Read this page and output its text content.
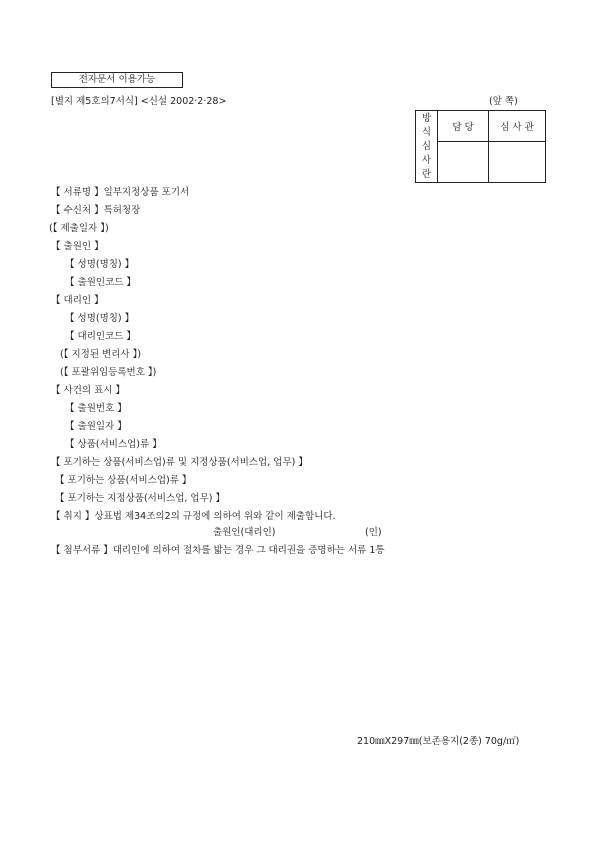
전자문서 이용가능
[별지 제5호의7서식] <신설 2002·2·28>	(앞 쪽)
방
식
심
사
란	담 당	심 사 관

【 서류명 】일부지정상품 포기서
【 수신처 】특허청장
(【 제출일자 】)
【 출원인 】
【 성명(명칭) 】
【 출원인코드 】
【 대리인 】
【 성명(명칭) 】
【 대리인코드 】
(【 지정된 변리사 】)
(【 포괄위임등록번호 】)
【 사건의 표시 】
【 출원번호 】
【 출원일자 】
【 상품(서비스업)류 】
【 포기하는 상품(서비스업)류 및 지정상품(서비스업, 업무) 】
【 포기하는 상품(서비스업)류 】
【 포기하는 지정상품(서비스업, 업무) 】
【 취지 】상표법 제34조의2의 규정에 의하여 위와 같이 제출합니다.
출원인(대리인)	(인)
【 첨부서류 】대리인에 의하여 절차를 밟는 경우 그 대리권을 증명하는 서류 1통
210㎜X297㎜(보존용지(2종) 70g/㎡)
